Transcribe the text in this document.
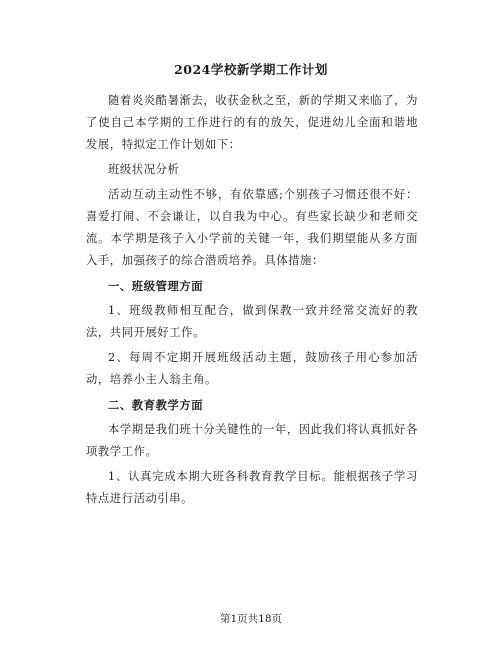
2024学校新学期工作计划

随着炎炎酷暑渐去，收获金秋之至，新的学期又来临了，为了使自己本学期的工作进行的有的放矢，促进幼儿全面和谐地发展，特拟定工作计划如下：

班级状况分析

活动互动主动性不够，有依靠感;个别孩子习惯还很不好：喜爱打闹、不会谦让，以自我为中心。有些家长缺少和老师交流。本学期是孩子入小学前的关键一年，我们期望能从多方面入手，加强孩子的综合潜质培养。具体措施：

一、班级管理方面

1、班级教师相互配合，做到保教一致并经常交流好的教法，共同开展好工作。

2、每周不定期开展班级活动主题，鼓励孩子用心参加活动，培养小主人翁主角。

二、教育教学方面

本学期是我们班十分关键性的一年，因此我们将认真抓好各项教学工作。

1、认真完成本期大班各科教育教学目标。能根据孩子学习特点进行活动引串。

第1页共18页
